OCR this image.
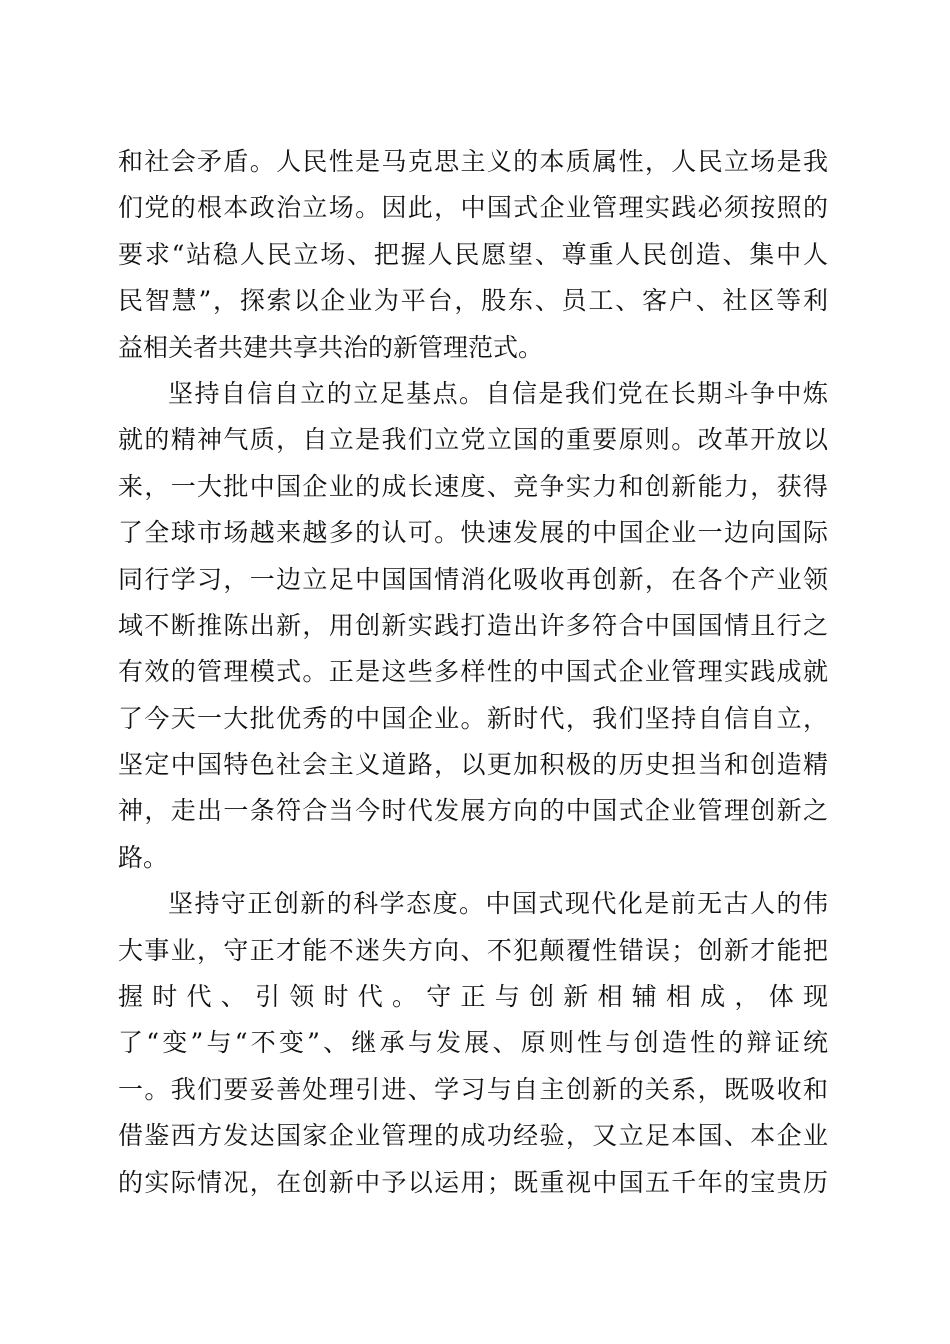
和社会矛盾。人民性是马克思主义的本质属性，人民立场是我
们党的根本政治立场。因此，中国式企业管理实践必须按照的
要求“站稳人民立场、把握人民愿望、尊重人民创造、集中人
民智慧”，探索以企业为平台，股东、员工、客户、社区等利
益相关者共建共享共治的新管理范式。
坚持自信自立的立足基点。自信是我们党在长期斗争中炼
就的精神气质，自立是我们立党立国的重要原则。改革开放以
来，一大批中国企业的成长速度、竞争实力和创新能力，获得
了全球市场越来越多的认可。快速发展的中国企业一边向国际
同行学习，一边立足中国国情消化吸收再创新，在各个产业领
域不断推陈出新，用创新实践打造出许多符合中国国情且行之
有效的管理模式。正是这些多样性的中国式企业管理实践成就
了今天一大批优秀的中国企业。新时代，我们坚持自信自立，
坚定中国特色社会主义道路，以更加积极的历史担当和创造精
神，走出一条符合当今时代发展方向的中国式企业管理创新之
路。
坚持守正创新的科学态度。中国式现代化是前无古人的伟
大事业，守正才能不迷失方向、不犯颠覆性错误；创新才能把
握时代、引领时代。守正与创新相辅相成，体现
了“变”与“不变”、继承与发展、原则性与创造性的辩证统
一。我们要妥善处理引进、学习与自主创新的关系，既吸收和
借鉴西方发达国家企业管理的成功经验，又立足本国、本企业
的实际情况，在创新中予以运用；既重视中国五千年的宝贵历
